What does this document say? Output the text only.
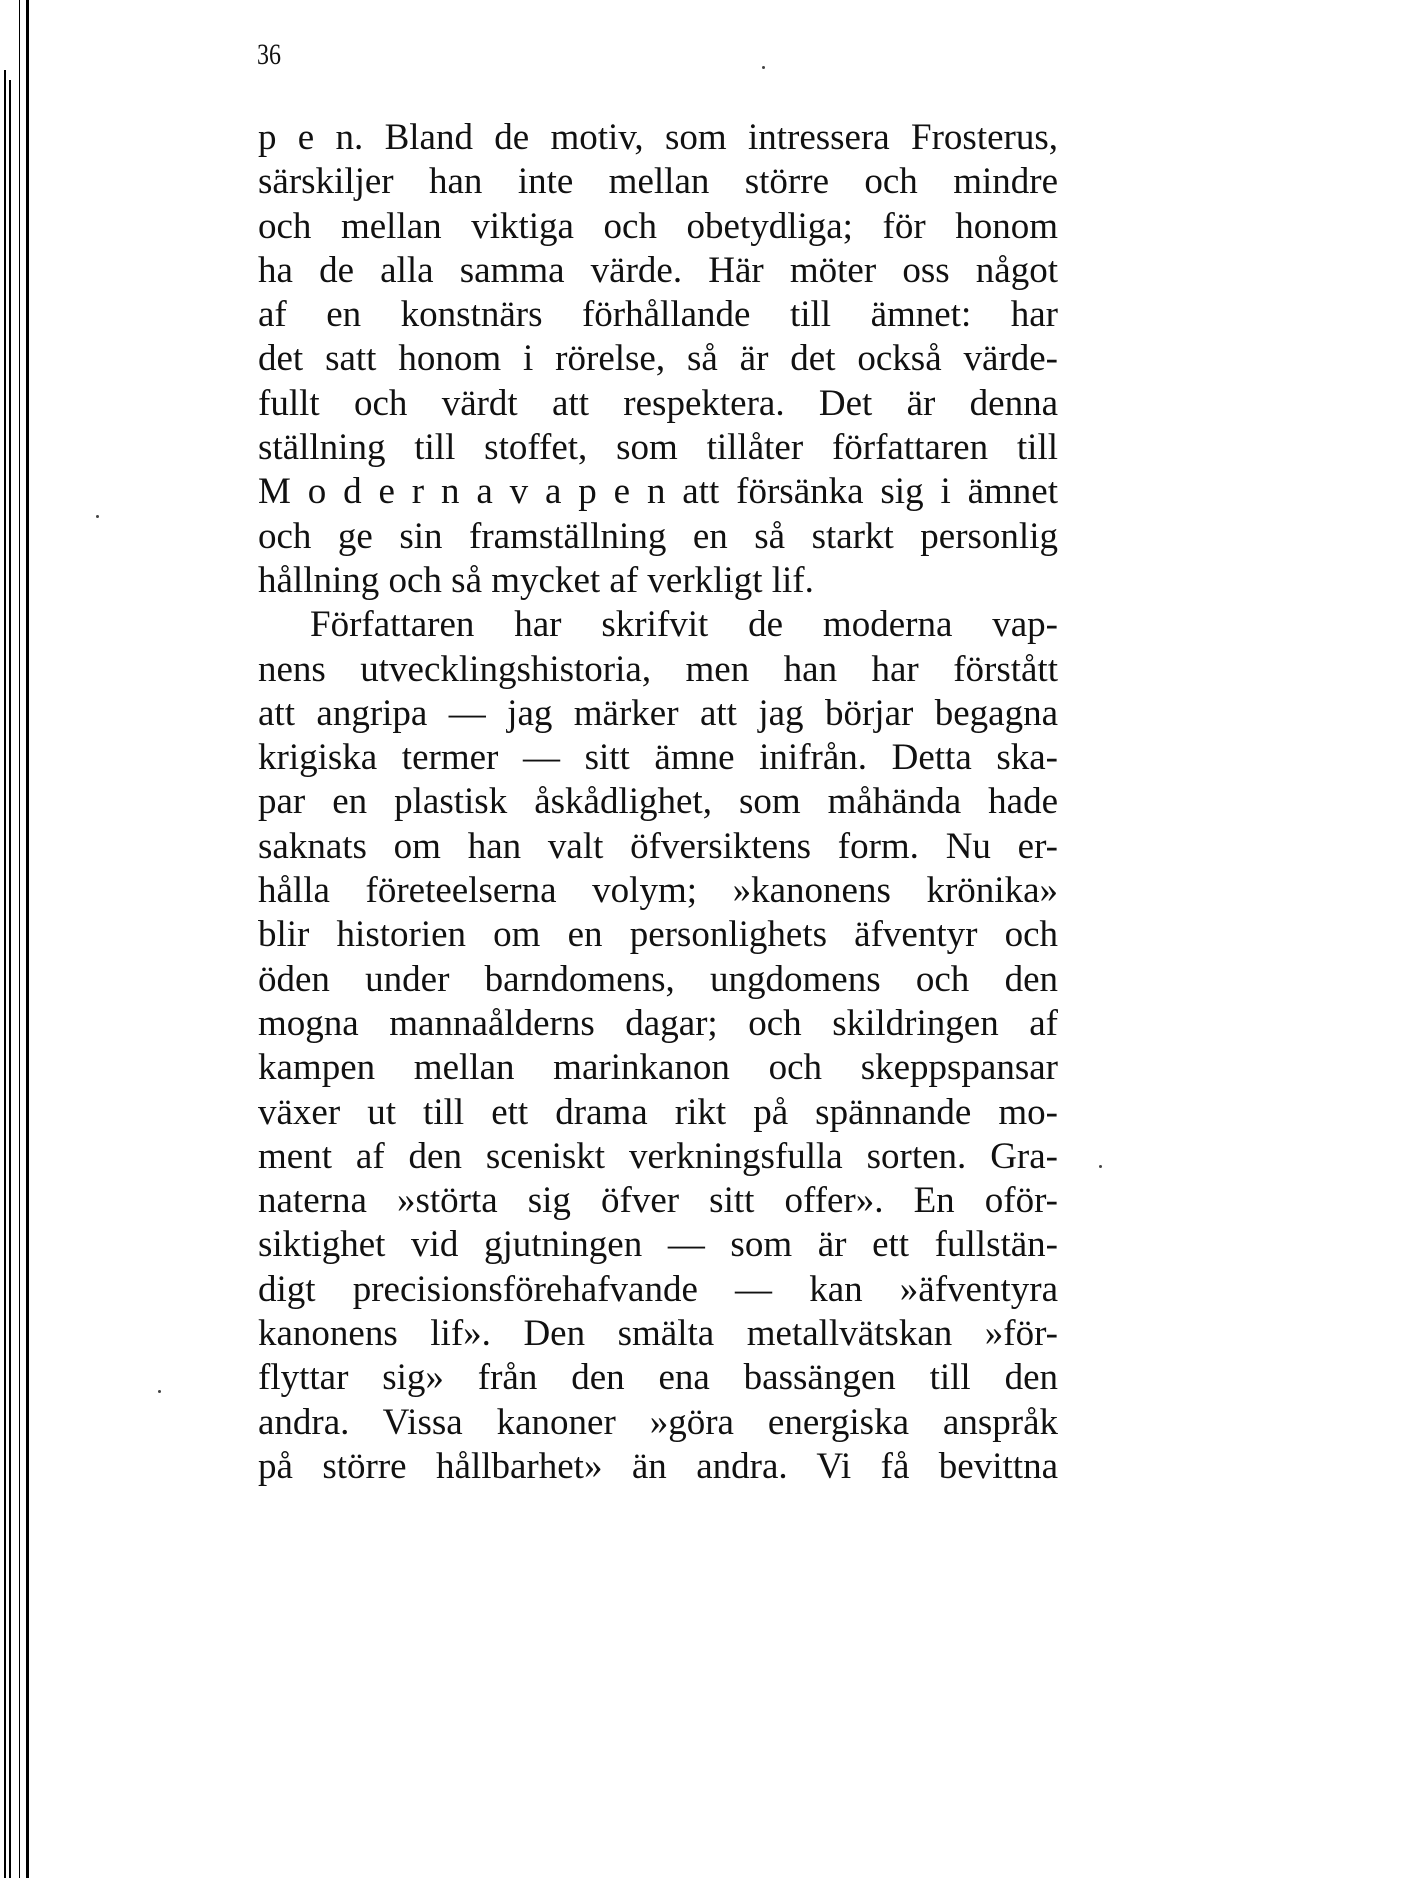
36
p e n. Bland de motiv, som intressera Frosterus,
särskiljer han inte mellan större och mindre
och mellan viktiga och obetydliga; för honom
ha de alla samma värde. Här möter oss något
af en konstnärs förhållande till ämnet: har
det satt honom i rörelse, så är det också värde-
fullt och värdt att respektera. Det är denna
ställning till stoffet, som tillåter författaren till
M o d e r n a v a p e n att försänka sig i ämnet
och ge sin framställning en så starkt personlig
hållning och så mycket af verkligt lif.
Författaren har skrifvit de moderna vap-
nens utvecklingshistoria, men han har förstått
att angripa — jag märker att jag börjar begagna
krigiska termer — sitt ämne inifrån. Detta ska-
par en plastisk åskådlighet, som måhända hade
saknats om han valt öfversiktens form. Nu er-
hålla företeelserna volym; »kanonens krönika»
blir historien om en personlighets äfventyr och
öden under barndomens, ungdomens och den
mogna mannaålderns dagar; och skildringen af
kampen mellan marinkanon och skeppspansar
växer ut till ett drama rikt på spännande mo-
ment af den sceniskt verkningsfulla sorten. Gra-
naterna »störta sig öfver sitt offer». En oför-
siktighet vid gjutningen — som är ett fullstän-
digt precisionsförehafvande — kan »äfventyra
kanonens lif». Den smälta metallvätskan »för-
flyttar sig» från den ena bassängen till den
andra. Vissa kanoner »göra energiska anspråk
på större hållbarhet» än andra. Vi få bevittna
